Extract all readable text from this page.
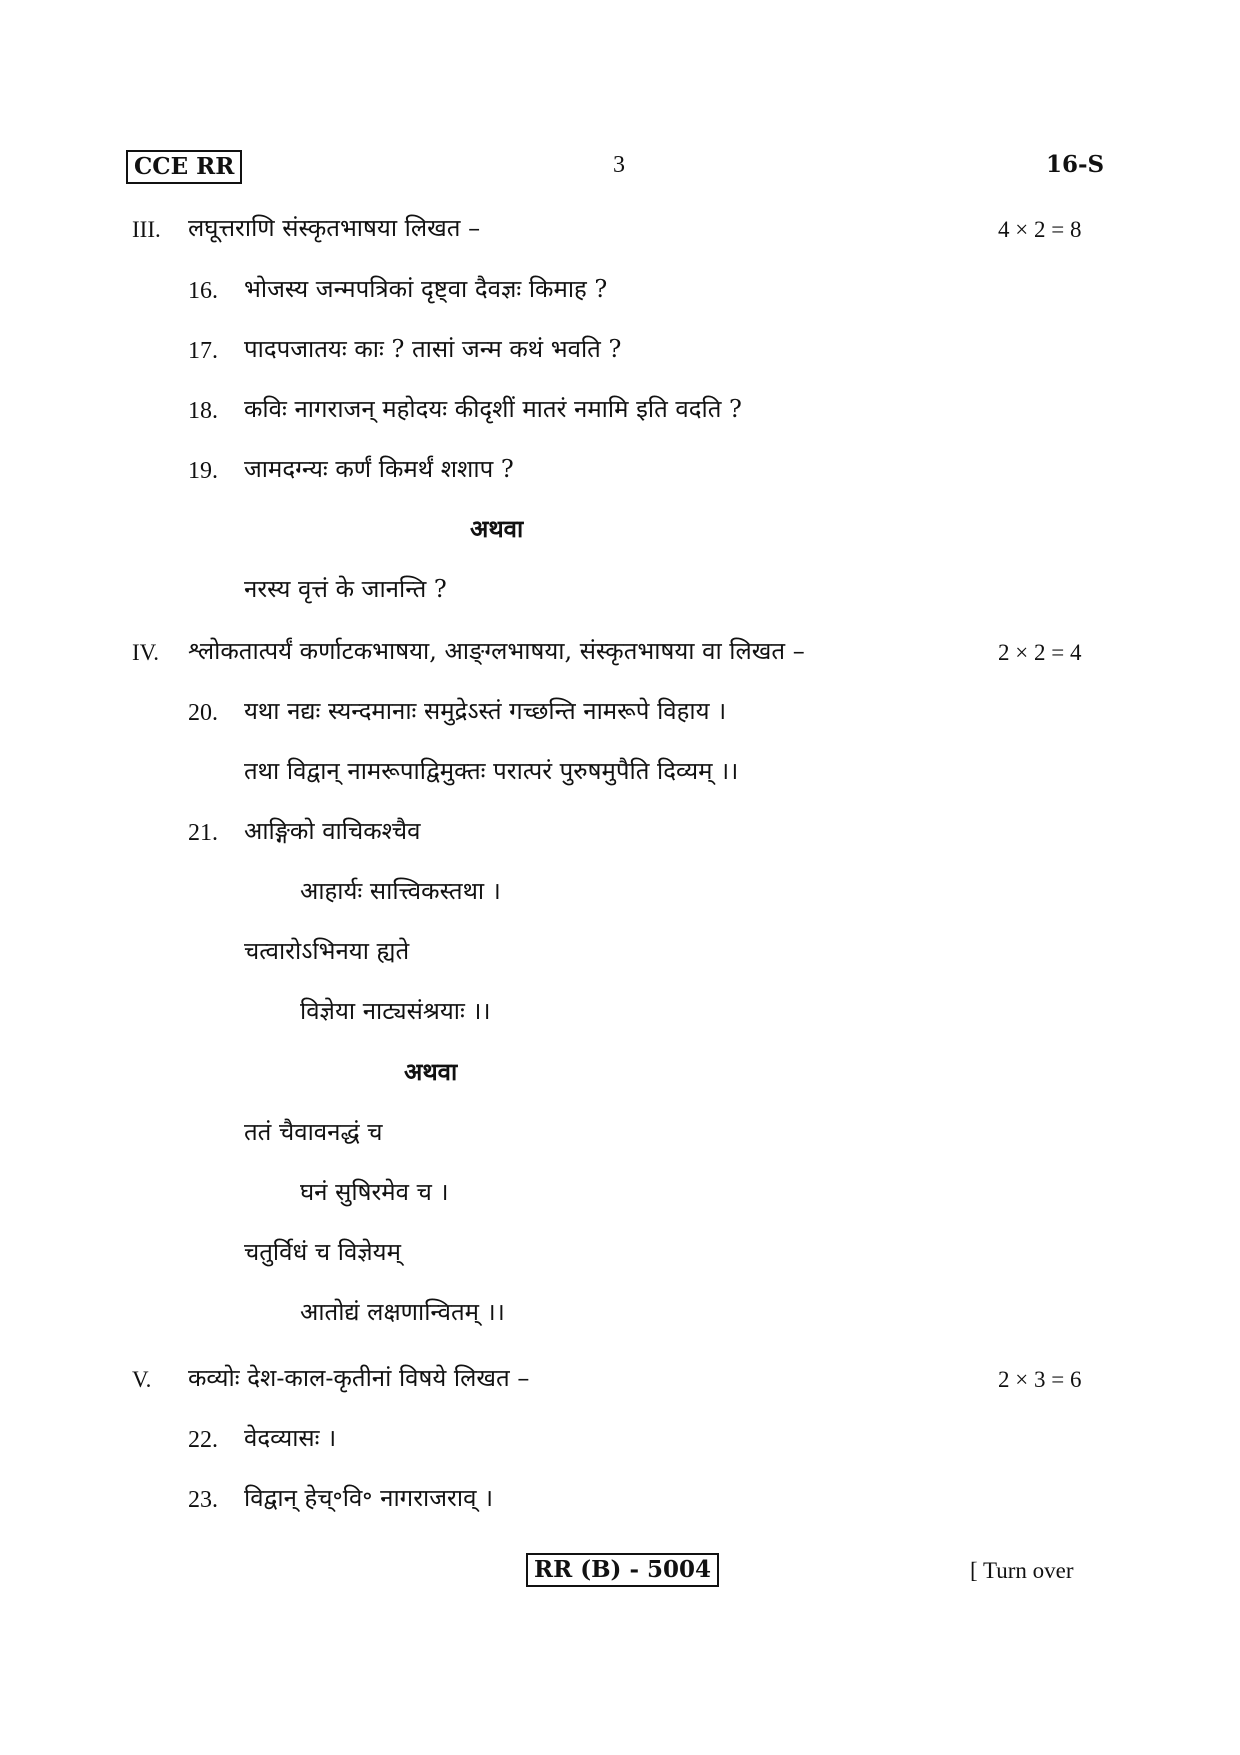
CCE RR	3	16-S
III. लघूत्तराणि संस्कृतभाषया लिखत –	4 × 2 = 8
16. भोजस्य जन्मपत्रिकां दृष्ट्वा दैवज्ञः किमाह ?
17. पादपजातयः काः ? तासां जन्म कथं भवति ?
18. कविः नागराजन् महोदयः कीदृशीं मातरं नमामि इति वदति ?
19. जामदग्न्यः कर्णं किमर्थं शशाप ?
अथवा
नरस्य वृत्तं के जानन्ति ?
IV. श्लोकतात्पर्यं कर्णाटकभाषया, आङ्ग्लभाषया, संस्कृतभाषया वा लिखत –	2 × 2 = 4
20. यथा नद्यः स्यन्दमानाः समुद्रेऽस्तं गच्छन्ति नामरूपे विहाय ।
तथा विद्वान् नामरूपाद्विमुक्तः परात्परं पुरुषमुपैति दिव्यम् ।।
21. आङ्गिको वाचिकश्चैव
आहार्यः सात्त्विकस्तथा ।
चत्वारोऽभिनया ह्यते
विज्ञेया नाट्यसंश्रयाः ।।
अथवा
ततं चैवावनद्धं च
घनं सुषिरमेव च ।
चतुर्विधं च विज्ञेयम्
आतोद्यं लक्षणान्वितम् ।।
V. कव्योः देश-काल-कृतीनां विषये लिखत –	2 × 3 = 6
22. वेदव्यासः ।
23. विद्वान् हेच्॰वि॰ नागराजराव् ।
RR (B) - 5004	[ Turn over
